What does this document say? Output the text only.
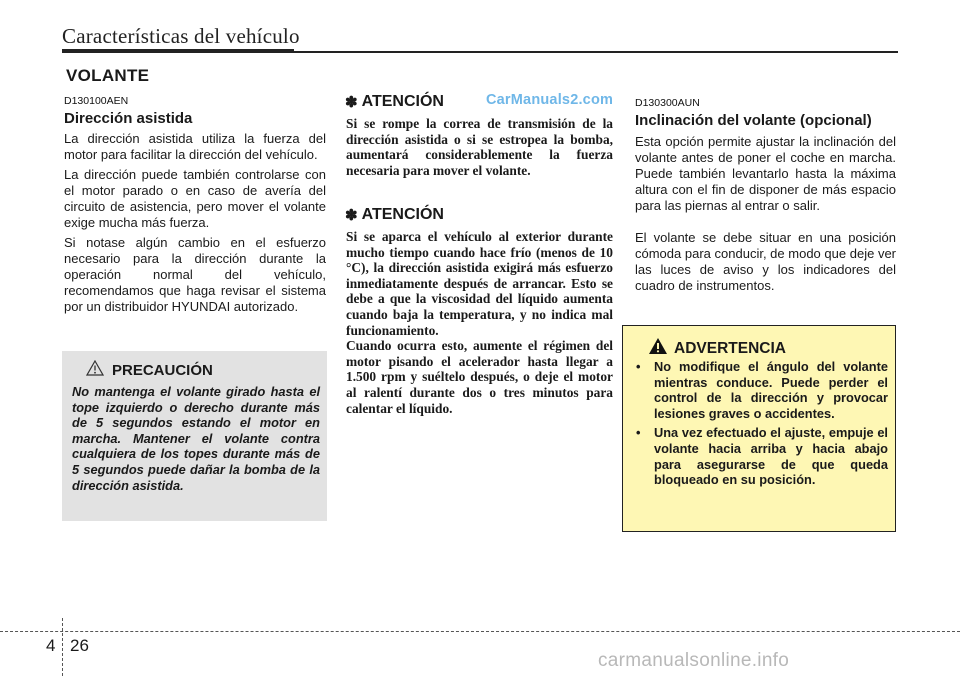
Características del vehículo
VOLANTE
D130100AEN
Dirección asistida

La dirección asistida utiliza la fuerza del motor para facilitar la dirección del vehículo.

La dirección puede también controlarse con el motor parado o en caso de avería del circuito de asistencia, pero mover el volante exige mucha más fuerza.

Si notase algún cambio en el esfuerzo necesario para la dirección durante la operación normal del vehículo, recomendamos que haga revisar el sistema por un distribuidor HYUNDAI autorizado.

PRECAUCIÓN
No mantenga el volante girado hasta el tope izquierdo o derecho durante más de 5 segundos estando el motor en marcha. Mantener el volante contra cualquiera de los topes durante más de 5 segundos puede dañar la bomba de la dirección asistida.
CarManuals2.com
✽ ATENCIÓN

Si se rompe la correa de transmisión de la dirección asistida o si se estropea la bomba, aumentará considerablemente la fuerza necesaria para mover el volante.

✽ ATENCIÓN

Si se aparca el vehículo al exterior durante mucho tiempo cuando hace frío (menos de 10 °C), la dirección asistida exigirá más esfuerzo inmediatamente después de arrancar. Esto se debe a que la viscosidad del líquido aumenta cuando baja la temperatura, y no indica mal funcionamiento.

Cuando ocurra esto, aumente el régimen del motor pisando el acelerador hasta llegar a 1.500 rpm y suéltelo después, o deje el motor al ralentí durante dos o tres minutos para calentar el líquido.

D130300AUN
Inclinación del volante (opcional)

Esta opción permite ajustar la inclinación del volante antes de poner el coche en marcha. Puede también levantarlo hasta la máxima altura con el fin de disponer de más espacio para las piernas al entrar o salir.

El volante se debe situar en una posición cómoda para conducir, de modo que deje ver las luces de aviso y los indicadores del cuadro de instrumentos.

ADVERTENCIA
• No modifique el ángulo del volante mientras conduce. Puede perder el control de la dirección y provocar lesiones graves o accidentes.
• Una vez efectuado el ajuste, empuje el volante hacia arriba y hacia abajo para asegurarse de que queda bloqueado en su posición.
4 26
carmanualsonline.info
